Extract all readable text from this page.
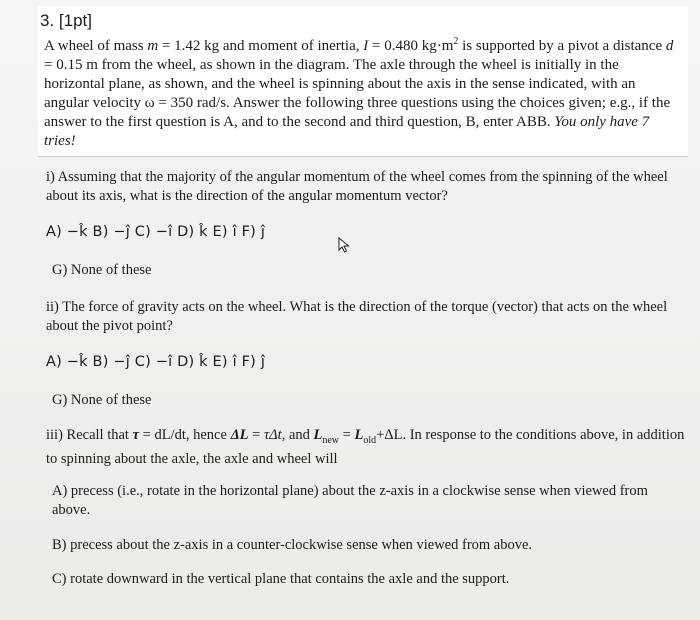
3. [1pt]

A wheel of mass m = 1.42 kg and moment of inertia, I = 0.480 $kg\cdot m^2$ is supported by a pivot a distance d = 0.15 m from the wheel, as shown in the diagram. The axle through the wheel is initially in the horizontal plane, as shown, and the wheel is spinning about the axis in the sense indicated, with an angular velocity ω = 350 rad/s. Answer the following three questions using the choices given; e.g., if the answer to the first question is A, and to the second and third question, B, enter ABB. You only have 7 tries!

i) Assuming that the majority of the angular momentum of the wheel comes from the spinning of the wheel about its axis, what is the direction of the angular momentum vector?
A) −k̂ B) −ĵ C) −î D) k̂ E) î F) ĵ
G) None of these
ii) The force of gravity acts on the wheel. What is the direction of the torque (vector) that acts on the wheel about the pivot point?
A) −k̂ B) −ĵ C) −î D) k̂ E) î F) ĵ
G) None of these
iii) Recall that τ = dL/dt, hence ΔL = τΔt, and $L_{new} = L_{old}+\Delta L$. In response to the conditions above, in addition to spinning about the axle, the axle and wheel will
A) precess (i.e., rotate in the horizontal plane) about the z-axis in a clockwise sense when viewed from above.
B) precess about the z-axis in a counter-clockwise sense when viewed from above.
C) rotate downward in the vertical plane that contains the axle and the support.
